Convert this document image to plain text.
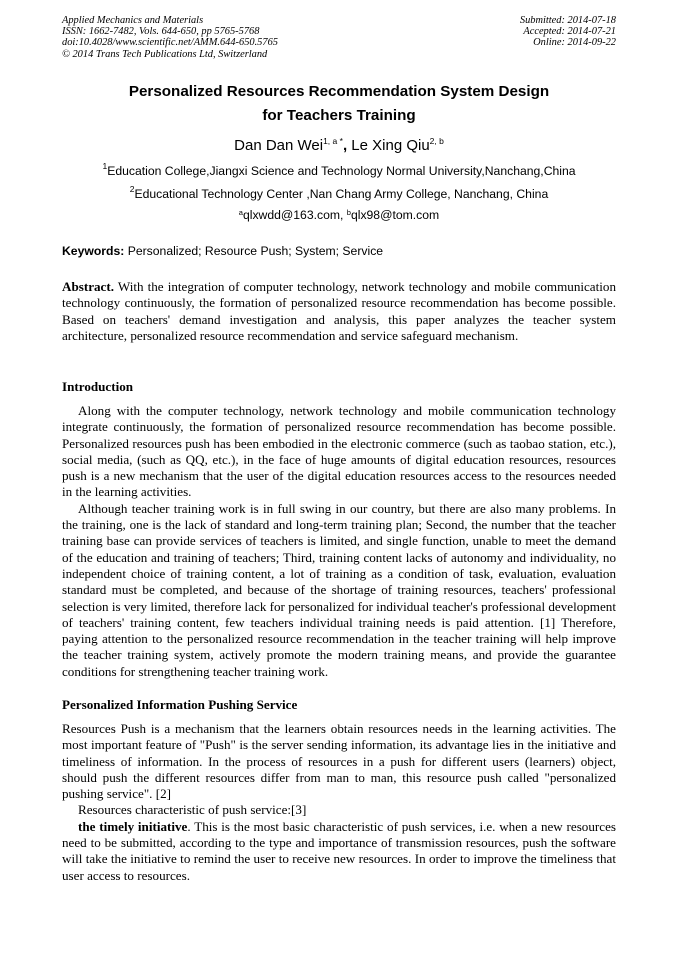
Applied Mechanics and Materials
ISSN: 1662-7482, Vols. 644-650, pp 5765-5768
doi:10.4028/www.scientific.net/AMM.644-650.5765
© 2014 Trans Tech Publications Ltd, Switzerland
Submitted: 2014-07-18
Accepted: 2014-07-21
Online: 2014-09-22
Personalized Resources Recommendation System Design
for Teachers Training
Dan Dan Wei$^{1, a *}$, Le Xing Qiu$^{2, b}$
$^1$Education College,Jiangxi Science and Technology Normal University,Nanchang,China
$^2$Educational Technology Center ,Nan Chang Army College, Nanchang, China
$^a$qlxwdd@163.com, $^b$qlx98@tom.com
Keywords: Personalized; Resource Push; System; Service

Abstract. With the integration of computer technology, network technology and mobile communication technology continuously, the formation of personalized resource recommendation has become possible. Based on teachers' demand investigation and analysis, this paper analyzes the teacher system architecture, personalized resource recommendation and service safeguard mechanism.

Introduction

Along with the computer technology, network technology and mobile communication technology integrate continuously, the formation of personalized resource recommendation has become possible. Personalized resources push has been embodied in the electronic commerce (such as taobao station, etc.), social media, (such as QQ, etc.), in the face of huge amounts of digital education resources, resources push is a new mechanism that the user of the digital education resources access to the resources needed in the learning activities.

Although teacher training work is in full swing in our country, but there are also many problems. In the training, one is the lack of standard and long-term training plan; Second, the number that the teacher training base can provide services of teachers is limited, and single function, unable to meet the demand of the education and training of teachers; Third, training content lacks of autonomy and individuality, no independent choice of training content, a lot of training as a condition of task, evaluation, evaluation standard must be completed, and because of the shortage of training resources, teachers' professional selection is very limited, therefore lack for personalized for individual teacher's professional development of teachers' training content, few teachers individual training needs is paid attention. [1] Therefore, paying attention to the personalized resource recommendation in the teacher training will help improve the teacher training system, actively promote the modern training means, and provide the guarantee conditions for strengthening teacher training work.

Personalized Information Pushing Service

Resources Push is a mechanism that the learners obtain resources needs in the learning activities. The most important feature of "Push" is the server sending information, its advantage lies in the initiative and timeliness of information. In the process of resources in a push for different users (learners) object, should push the different resources differ from man to man, this resource push called "personalized pushing service". [2]

Resources characteristic of push service:[3]

the timely initiative. This is the most basic characteristic of push services, i.e. when a new resources need to be submitted, according to the type and importance of transmission resources, push the software will take the initiative to remind the user to receive new resources. In order to improve the timeliness that user access to resources.
